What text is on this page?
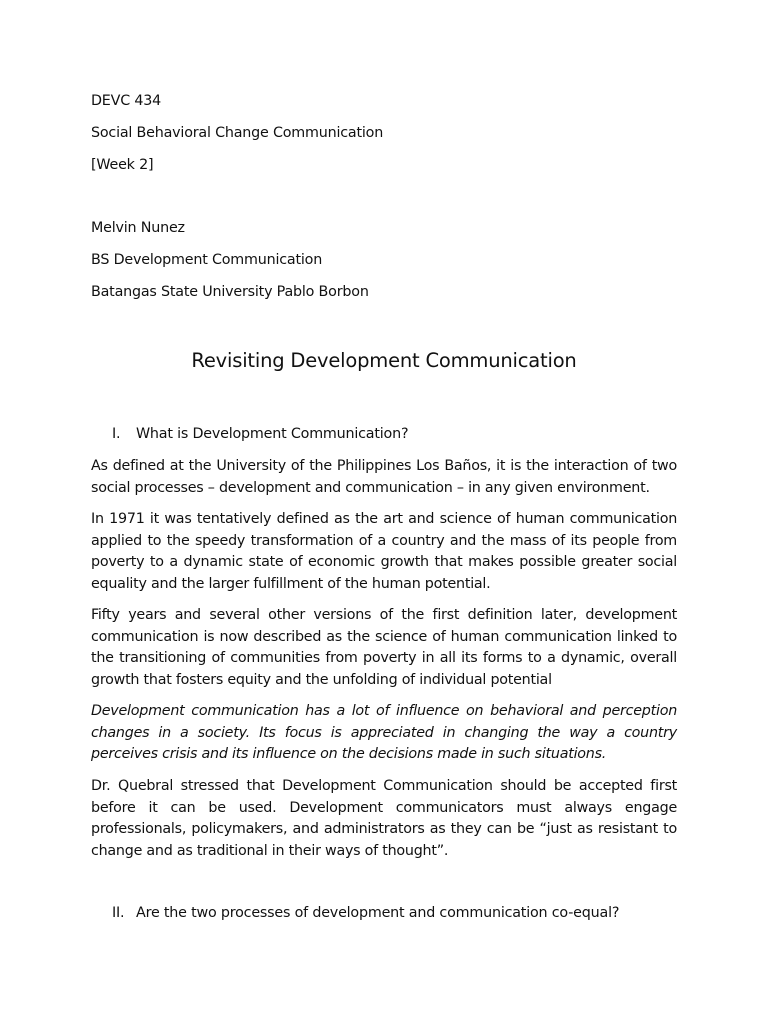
DEVC 434

Social Behavioral Change Communication

[Week 2]

Melvin Nunez

BS Development Communication

Batangas State University Pablo Borbon

Revisiting Development Communication
I. What is Development Communication?

As defined at the University of the Philippines Los Baños, it is the interaction of two social processes – development and communication – in any given environment.

In 1971 it was tentatively defined as the art and science of human communication applied to the speedy transformation of a country and the mass of its people from poverty to a dynamic state of economic growth that makes possible greater social equality and the larger fulfillment of the human potential.

Fifty years and several other versions of the first definition later, development communication is now described as the science of human communication linked to the transitioning of communities from poverty in all its forms to a dynamic, overall growth that fosters equity and the unfolding of individual potential

Development communication has a lot of influence on behavioral and perception changes in a society. Its focus is appreciated in changing the way a country perceives crisis and its influence on the decisions made in such situations.

Dr. Quebral stressed that Development Communication should be accepted first before it can be used. Development communicators must always engage professionals, policymakers, and administrators as they can be “just as resistant to change and as traditional in their ways of thought”.

II. Are the two processes of development and communication co-equal?
